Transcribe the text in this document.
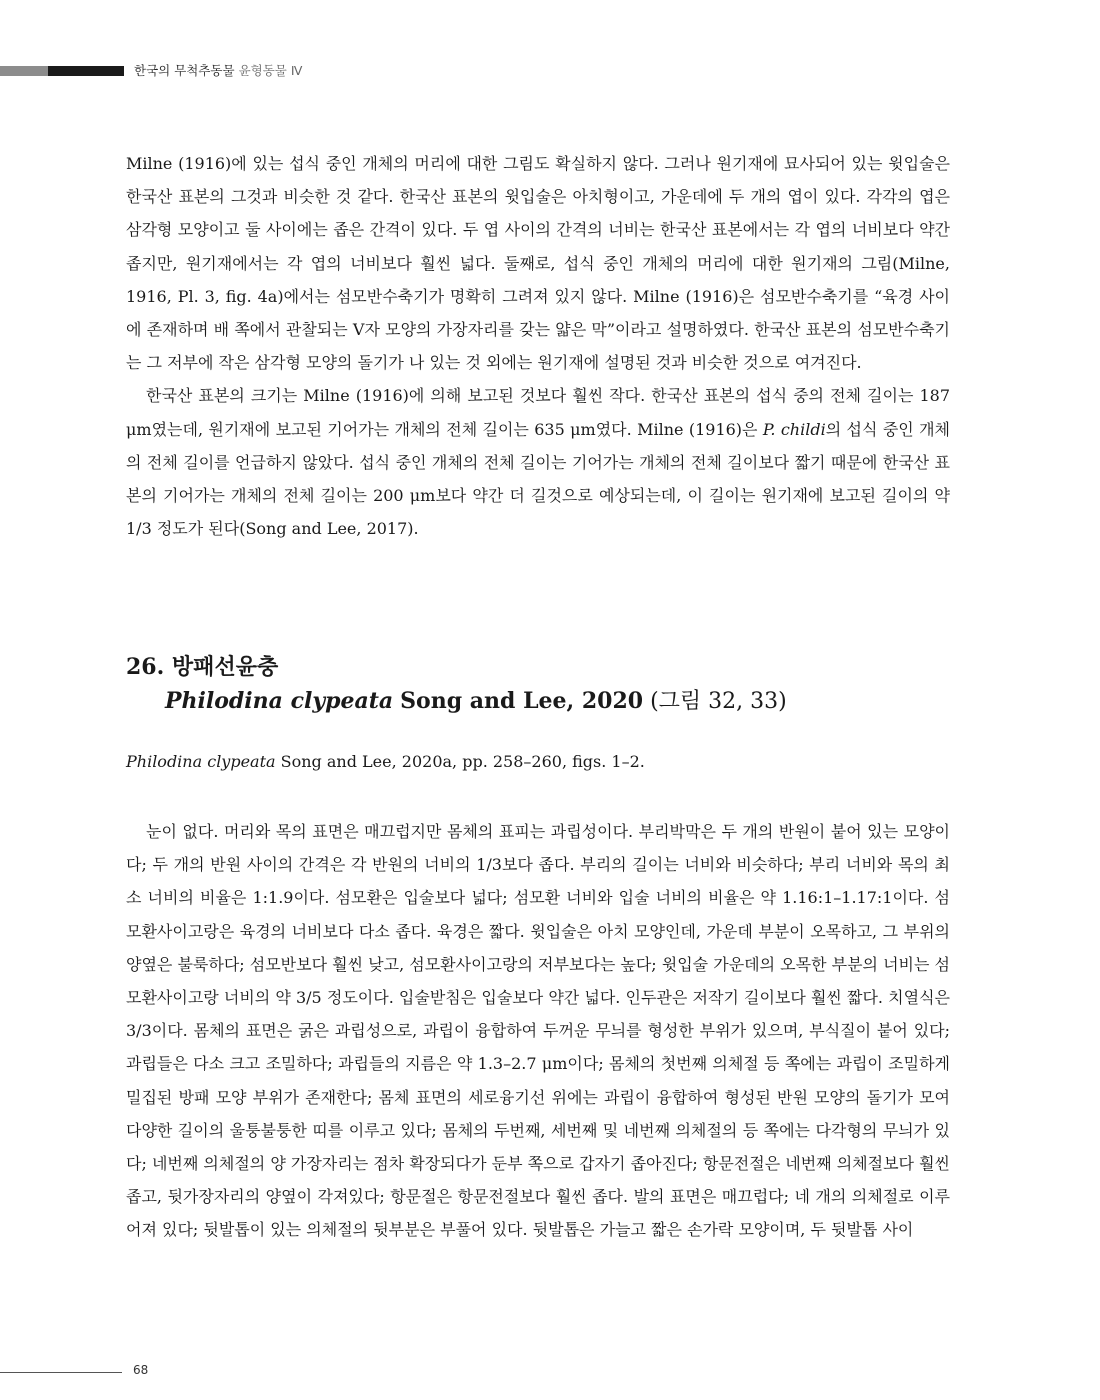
한국의 무척추동물 윤형동물 Ⅳ

Milne (1916)에 있는 섭식 중인 개체의 머리에 대한 그림도 확실하지 않다. 그러나 원기재에 묘사되어 있는 윗입술은 한국산 표본의 그것과 비슷한 것 같다. 한국산 표본의 윗입술은 아치형이고, 가운데에 두 개의 엽이 있다. 각각의 엽은 삼각형 모양이고 둘 사이에는 좁은 간격이 있다. 두 엽 사이의 간격의 너비는 한국산 표본에서는 각 엽의 너비보다 약간 좁지만, 원기재에서는 각 엽의 너비보다 훨씬 넓다. 둘째로, 섭식 중인 개체의 머리에 대한 원기재의 그림(Milne, 1916, Pl. 3, fig. 4a)에서는 섬모반수축기가 명확히 그려져 있지 않다. Milne (1916)은 섬모반수축기를 “육경 사이에 존재하며 배 쪽에서 관찰되는 V자 모양의 가장자리를 갖는 얇은 막”이라고 설명하였다. 한국산 표본의 섬모반수축기는 그 저부에 작은 삼각형 모양의 돌기가 나 있는 것 외에는 원기재에 설명된 것과 비슷한 것으로 여겨진다.

한국산 표본의 크기는 Milne (1916)에 의해 보고된 것보다 훨씬 작다. 한국산 표본의 섭식 중의 전체 길이는 187 μm였는데, 원기재에 보고된 기어가는 개체의 전체 길이는 635 μm였다. Milne (1916)은 P. childi의 섭식 중인 개체의 전체 길이를 언급하지 않았다. 섭식 중인 개체의 전체 길이는 기어가는 개체의 전체 길이보다 짧기 때문에 한국산 표본의 기어가는 개체의 전체 길이는 200 μm보다 약간 더 길것으로 예상되는데, 이 길이는 원기재에 보고된 길이의 약 1/3 정도가 된다(Song and Lee, 2017).

26. 방패선윤충
Philodina clypeata Song and Lee, 2020 (그림 32, 33)
Philodina clypeata Song and Lee, 2020a, pp. 258–260, figs. 1–2.

눈이 없다. 머리와 목의 표면은 매끄럽지만 몸체의 표피는 과립성이다. 부리박막은 두 개의 반원이 붙어 있는 모양이다; 두 개의 반원 사이의 간격은 각 반원의 너비의 1/3보다 좁다. 부리의 길이는 너비와 비슷하다; 부리 너비와 목의 최소 너비의 비율은 1:1.9이다. 섬모환은 입술보다 넓다; 섬모환 너비와 입술 너비의 비율은 약 1.16:1–1.17:1이다. 섬모환사이고랑은 육경의 너비보다 다소 좁다. 육경은 짧다. 윗입술은 아치 모양인데, 가운데 부분이 오목하고, 그 부위의 양옆은 불룩하다; 섬모반보다 훨씬 낮고, 섬모환사이고랑의 저부보다는 높다; 윗입술 가운데의 오목한 부분의 너비는 섬모환사이고랑 너비의 약 3/5 정도이다. 입술받침은 입술보다 약간 넓다. 인두관은 저작기 길이보다 훨씬 짧다. 치열식은 3/3이다. 몸체의 표면은 굵은 과립성으로, 과립이 융합하여 두꺼운 무늬를 형성한 부위가 있으며, 부식질이 붙어 있다; 과립들은 다소 크고 조밀하다; 과립들의 지름은 약 1.3–2.7 μm이다; 몸체의 첫번째 의체절 등 쪽에는 과립이 조밀하게 밀집된 방패 모양 부위가 존재한다; 몸체 표면의 세로융기선 위에는 과립이 융합하여 형성된 반원 모양의 돌기가 모여 다양한 길이의 울퉁불퉁한 띠를 이루고 있다; 몸체의 두번째, 세번째 및 네번째 의체절의 등 쪽에는 다각형의 무늬가 있다; 네번째 의체절의 양 가장자리는 점차 확장되다가 둔부 쪽으로 갑자기 좁아진다; 항문전절은 네번째 의체절보다 훨씬 좁고, 뒷가장자리의 양옆이 각져있다; 항문절은 항문전절보다 훨씬 좁다. 발의 표면은 매끄럽다; 네 개의 의체절로 이루어져 있다; 뒷발톱이 있는 의체절의 뒷부분은 부풀어 있다. 뒷발톱은 가늘고 짧은 손가락 모양이며, 두 뒷발톱 사이

68
